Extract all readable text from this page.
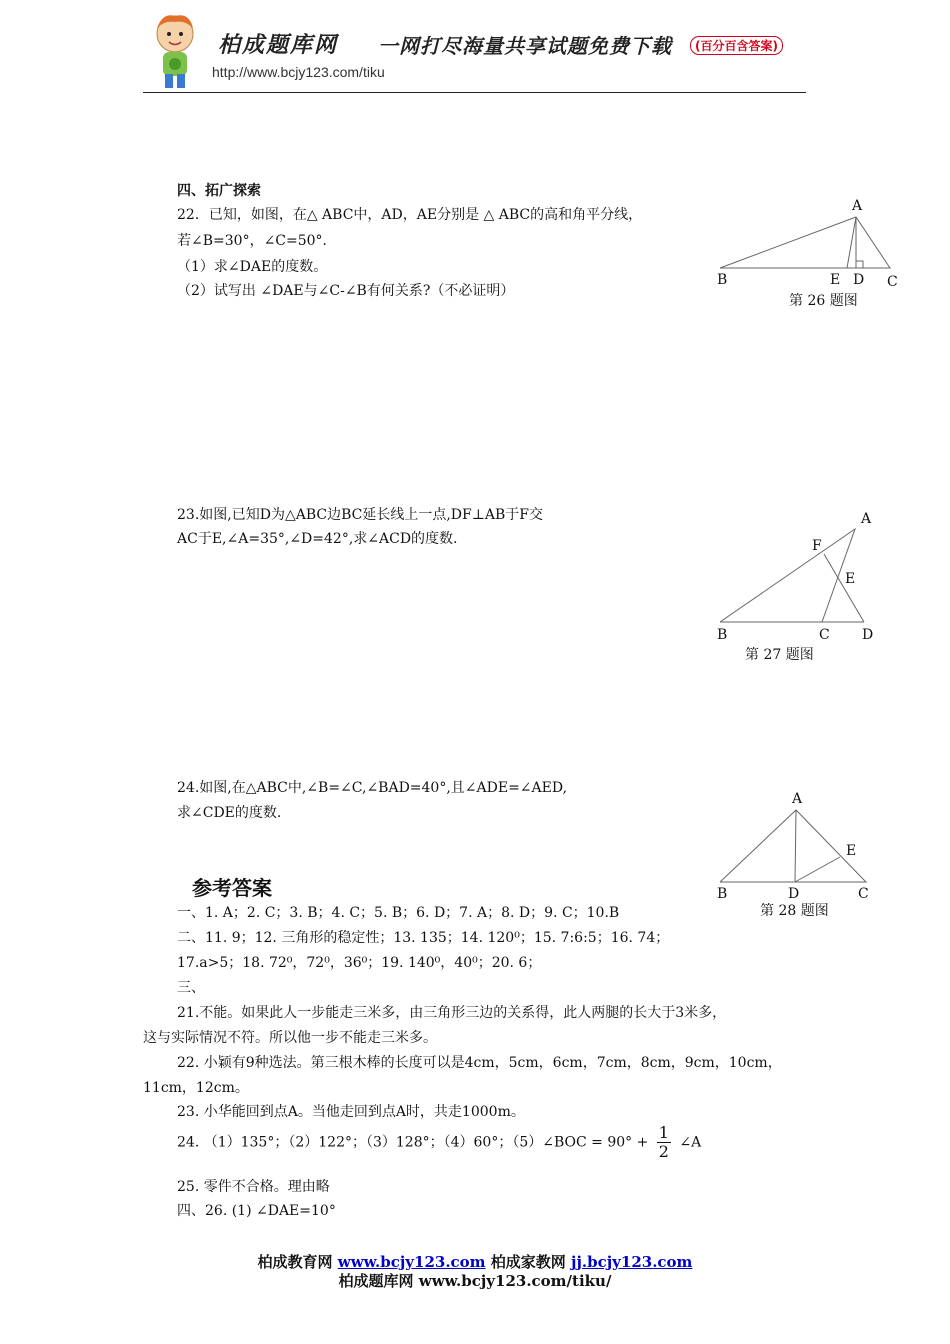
柏成题库网 一网打尽海量共享试题免费下载	(百分百含答案)
http://www.bcjy123.com/tiku
四、拓广探索
22．已知，如图，在△ ABC中，AD，AE分别是 △ ABC的高和角平分线，
若∠B=30°，∠C=50°．
（1）求∠DAE的度数。
（2）试写出 ∠DAE与∠C-∠B有何关系?（不必证明）
A
B	E D C
第 26 题图
23.如图,已知D为△ABC边BC延长线上一点,DF⊥AB于F交
AC于E,∠A=35°,∠D=42°,求∠ACD的度数.
A
F
E
B	C D
第 27 题图
24.如图,在△ABC中,∠B=∠C,∠BAD=40°,且∠ADE=∠AED,
求∠CDE的度数.
A
E
B	D	C
第 28 题图
参考答案
一、1. A；2. C；3. B；4. C；5. B；6. D；7. A；8. D；9. C；10.B
二、11. 9；12. 三角形的稳定性；13. 135；14. 120⁰；15. 7:6:5；16. 74；
17.a>5；18. 72⁰，72⁰，36⁰；19. 140⁰，40⁰；20. 6；
三、
21.不能。如果此人一步能走三米多，由三角形三边的关系得，此人两腿的长大于3米多，
这与实际情况不符。所以他一步不能走三米多。
22. 小颖有9种选法。第三根木棒的长度可以是4cm，5cm，6cm，7cm，8cm，9cm，10cm，
11cm，12cm。
23. 小华能回到点A。当他走回到点A时，共走1000m。
24. （1）135°；（2）122°；（3）128°；（4）60°；（5）∠BOC = $90^\circ + \frac{1}{2}$ ∠A
25. 零件不合格。理由略
四、26. (1) ∠DAE=10°
柏成教育网 www.bcjy123.com 柏成家教网 jj.bcjy123.com
柏成题库网 www.bcjy123.com/tiku/
